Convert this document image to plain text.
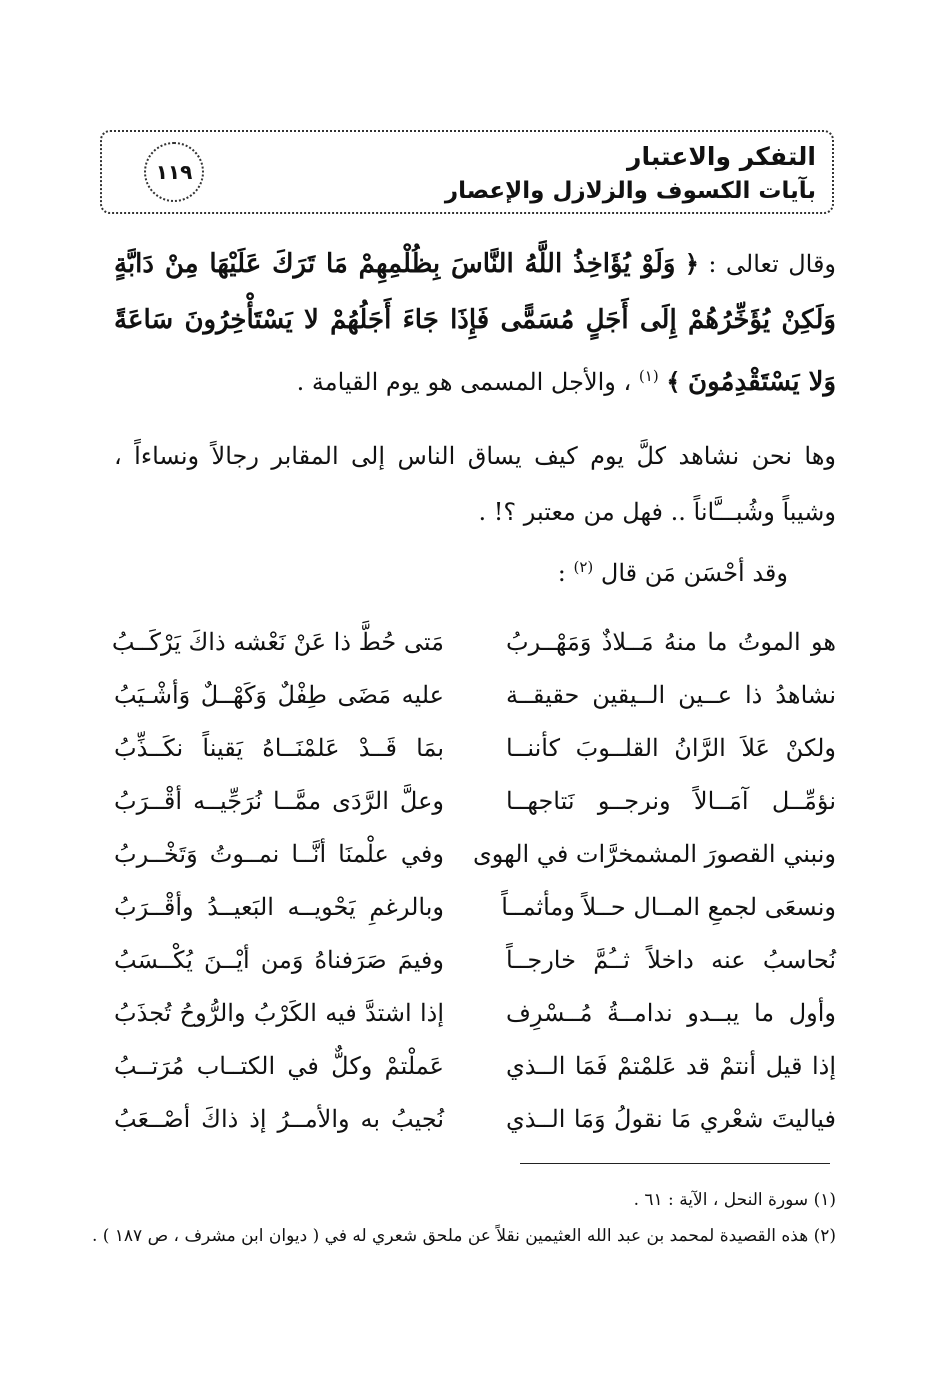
التفكر والاعتبار
بآيات الكسوف والزلازل والإعصار
١١٩
وقال تعالى : ﴿ وَلَوْ يُؤَاخِذُ اللَّهُ النَّاسَ بِظُلْمِهِمْ مَا تَرَكَ عَلَيْهَا مِنْ دَابَّةٍ وَلَكِنْ يُؤَخِّرُهُمْ إِلَى أَجَلٍ مُسَمًّى فَإِذَا جَاءَ أَجَلُهُمْ لا يَسْتَأْخِرُونَ سَاعَةً وَلا يَسْتَقْدِمُونَ ﴾ $^{(١)}$ ، والأجل المسمى هو يوم القيامة .
وها نحن نشاهد كلَّ يوم كيف يساق الناس إلى المقابر رجالاً ونساءاً ، وشيباً وشُبـــَّاناً .. فهل من معتبر ؟! .
وقد أحْسَن مَن قال $^{(٢)}$ :
هو الموتُ ما منهُ مَــلاذٌ وَمَهْــربُ
مَتى حُطَّ ذا عَنْ نَعْشه ذاكَ يَرْكَــبُ
نشاهدُ ذا عــين الــيقين حقيقــة
عليه مَضَى طِفْلٌ وَكَهْــلٌ وَأشْـيَبُ
ولكنْ عَلاَ الرَّانُ القلــوبَ كأننــا
بمَا قَــدْ عَلمْنَــاهُ يَقيناً نكَــذِّبُ
نؤمِّــل آمَــالاً ونرجــو نَتاجهــا
وعلَّ الرَّدَى ممَّــا نُرَجِّيــه أقْــرَبُ
ونبني القصورَ المشمخرَّات في الهوى
وفي علْمنَا أنَّــا نمــوتُ وَتَخْــربُ
ونسعَى لجمعِ المــال حــلاً ومأثمــاً
وبالرغمِ يَحْويــه البَعيــدُ وأقْــرَبُ
نُحاسبُ عنه داخلاً ثــُمَّ خارجــاً
وفيمَ صَرَفناهُ وَمن أيْــنَ يُكْــسَبُ
وأول ما يبــدو ندامــةُ مُــسْرِف
إذا اشتدَّ فيه الكَرْبُ والرُّوحُ تُجذَبُ
إذا قيل أنتمْ قد عَلمْتمْ فَمَا الــذي
عَملْتمْ وكلٌّ في الكتــاب مُرَتــبُ
فياليتَ شعْري مَا نقولُ وَمَا الــذي
نُجيبُ به والأمــرُ إذ ذاكَ أصْــعَبُ
(١) سورة النحل ، الآية : ٦١ .
(٢) هذه القصيدة لمحمد بن عبد الله العثيمين نقلاً عن ملحق شعري له في ( ديوان ابن مشرف ، ص ١٨٧ ) .
